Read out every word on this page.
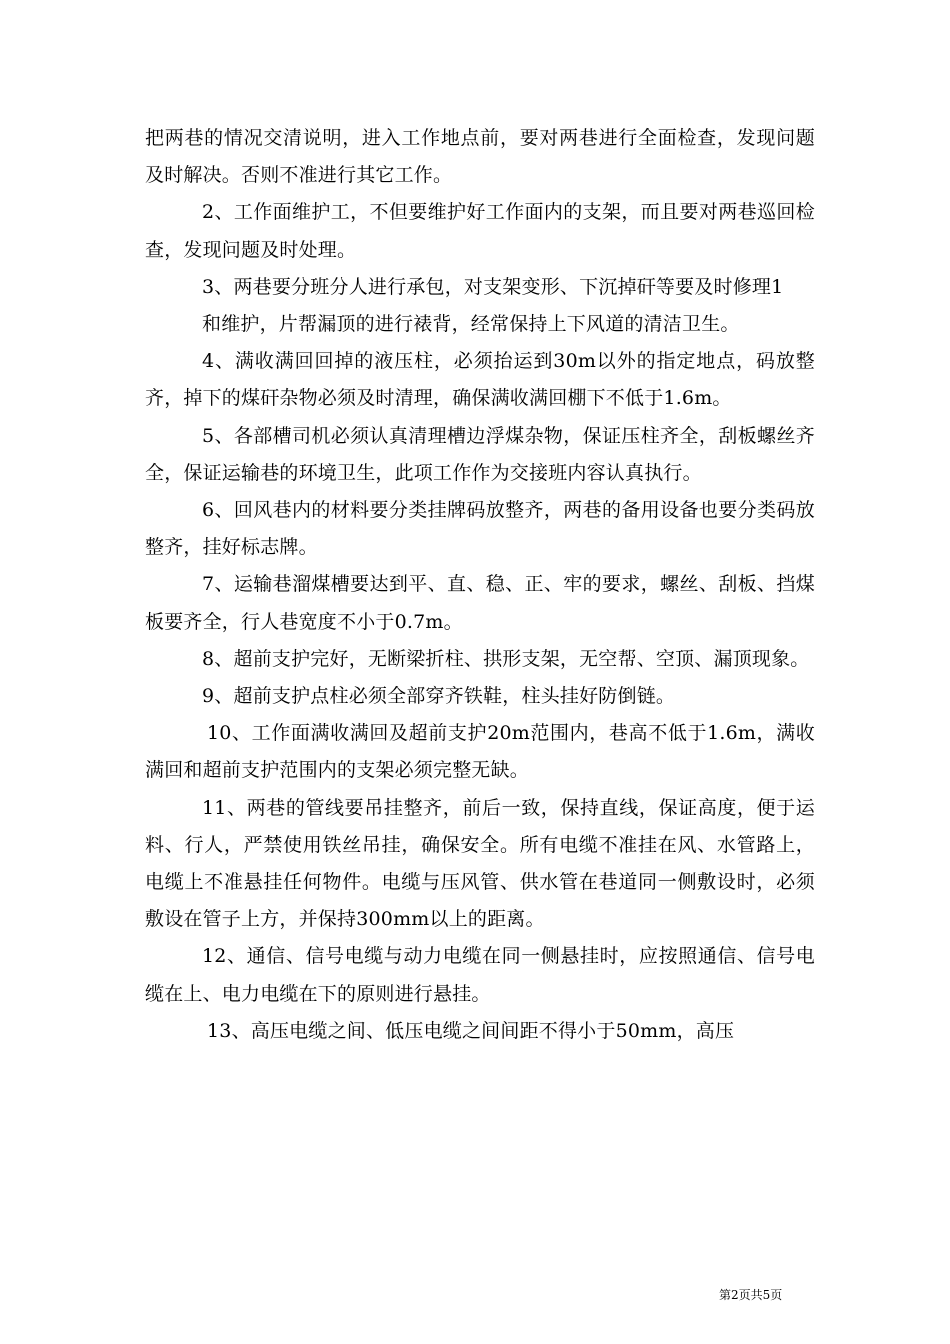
把两巷的情况交清说明，进入工作地点前，要对两巷进行全面检查，发现问题及时解决。否则不准进行其它工作。

2、工作面维护工，不但要维护好工作面内的支架，而且要对两巷巡回检查，发现问题及时处理。

3、两巷要分班分人进行承包，对支架变形、下沉掉矸等要及时修理1

和维护，片帮漏顶的进行裱背，经常保持上下风道的清洁卫生。

4、满收满回回掉的液压柱，必须抬运到30m以外的指定地点，码放整齐，掉下的煤矸杂物必须及时清理，确保满收满回棚下不低于1.6m。

5、各部槽司机必须认真清理槽边浮煤杂物，保证压柱齐全，刮板螺丝齐全，保证运输巷的环境卫生，此项工作作为交接班内容认真执行。

6、回风巷内的材料要分类挂牌码放整齐，两巷的备用设备也要分类码放整齐，挂好标志牌。

7、运输巷溜煤槽要达到平、直、稳、正、牢的要求，螺丝、刮板、挡煤板要齐全，行人巷宽度不小于0.7m。

8、超前支护完好，无断梁折柱、拱形支架，无空帮、空顶、漏顶现象。

9、超前支护点柱必须全部穿齐铁鞋，柱头挂好防倒链。

10、工作面满收满回及超前支护20m范围内，巷高不低于1.6m，满收满回和超前支护范围内的支架必须完整无缺。

11、两巷的管线要吊挂整齐，前后一致，保持直线，保证高度，便于运料、行人，严禁使用铁丝吊挂，确保安全。所有电缆不准挂在风、水管路上，电缆上不准悬挂任何物件。电缆与压风管、供水管在巷道同一侧敷设时，必须敷设在管子上方，并保持300mm以上的距离。

12、通信、信号电缆与动力电缆在同一侧悬挂时，应按照通信、信号电缆在上、电力电缆在下的原则进行悬挂。

13、高压电缆之间、低压电缆之间间距不得小于50mm，高压

第2页共5页
